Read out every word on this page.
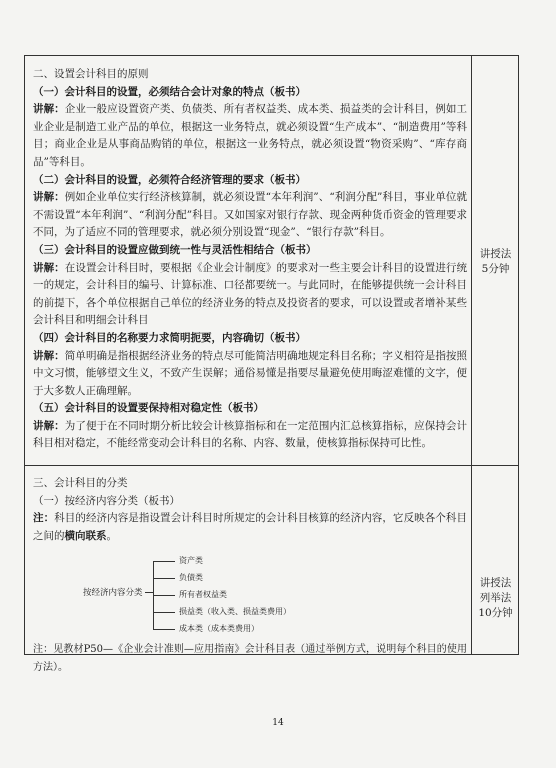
二、设置会计科目的原则

（一）会计科目的设置，必须结合会计对象的特点（板书）

讲解：企业一般应设置资产类、负债类、所有者权益类、成本类、损益类的会计科目，例如工业企业是制造工业产品的单位，根据这一业务特点，就必须设置“生产成本”、“制造费用”等科目；商业企业是从事商品购销的单位，根据这一业务特点，就必须设置“物资采购”、“库存商品”等科目。

（二）会计科目的设置，必须符合经济管理的要求（板书）

讲解：例如企业单位实行经济核算制，就必须设置“本年利润”、“利润分配”科目，事业单位就不需设置“本年利润”、“利润分配”科目。又如国家对银行存款、现金两种货币资金的管理要求不同，为了适应不同的管理要求，就必须分别设置“现金”、“银行存款”科目。

（三）会计科目的设置应做到统一性与灵活性相结合（板书）

讲解：在设置会计科目时，要根据《企业会计制度》的要求对一些主要会计科目的设置进行统一的规定，会计科目的编号、计算标准、口径都要统一。与此同时，在能够提供统一会计科目的前提下，各个单位根据自己单位的经济业务的特点及投资者的要求，可以设置或者增补某些会计科目和明细会计科目

（四）会计科目的名称要力求简明扼要，内容确切（板书）

讲解：简单明确是指根据经济业务的特点尽可能简洁明确地规定科目名称；字义相符是指按照中文习惯，能够望文生义，不致产生误解；通俗易懂是指要尽量避免使用晦涩难懂的文字，便于大多数人正确理解。

（五）会计科目的设置要保持相对稳定性（板书）

讲解：为了便于在不同时期分析比较会计核算指标和在一定范围内汇总核算指标，应保持会计科目相对稳定，不能经常变动会计科目的名称、内容、数量，使核算指标保持可比性。

讲授法
5分钟

三、会计科目的分类

（一）按经济内容分类（板书）

注：科目的经济内容是指设置会计科目时所规定的会计科目核算的经济内容，它反映各个科目之间的横向联系。

按经济内容分类
资产类
负债类
所有者权益类
损益类（收入类、损益类费用）
成本类（成本类费用）

注：见教材P50—《企业会计准则—应用指南》会计科目表（通过举例方式，说明每个科目的使用方法）。

讲授法
列举法
10分钟
14
